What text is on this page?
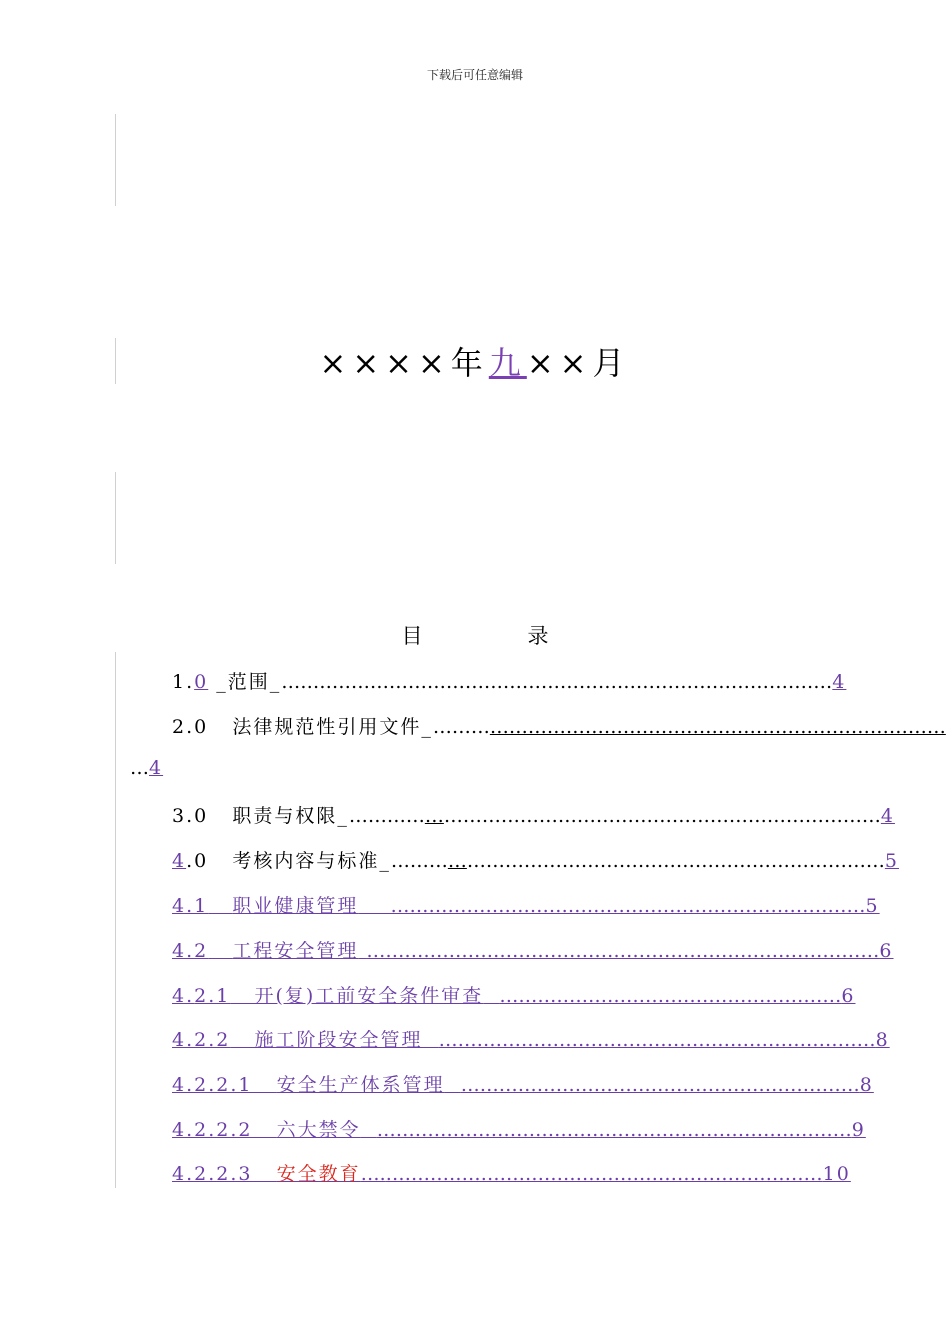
下载后可任意编辑
××××年九××月
目　录
1.0 _范围_……………………………………………………………………………4
2.0 法律规范性引用文件_………………………………………………………………………
…4
3.0 职责与权限_…………………………………………………………………………4
4.0 考核内容与标准_……………………………………………………………………5
4.1 职业健康管理 …………………………………………………………………5
4.2 工程安全管理 ………………………………………………………………………6
4.2.1 开(复)工前安全条件审查 ………………………………………………6
4.2.2 施工阶段安全管理 ……………………………………………………………8
4.2.2.1 安全生产体系管理 ………………………………………………………8
4.2.2.2 六大禁令 …………………………………………………………………9
4.2.2.3 安全教育….……………………………………………………………10
